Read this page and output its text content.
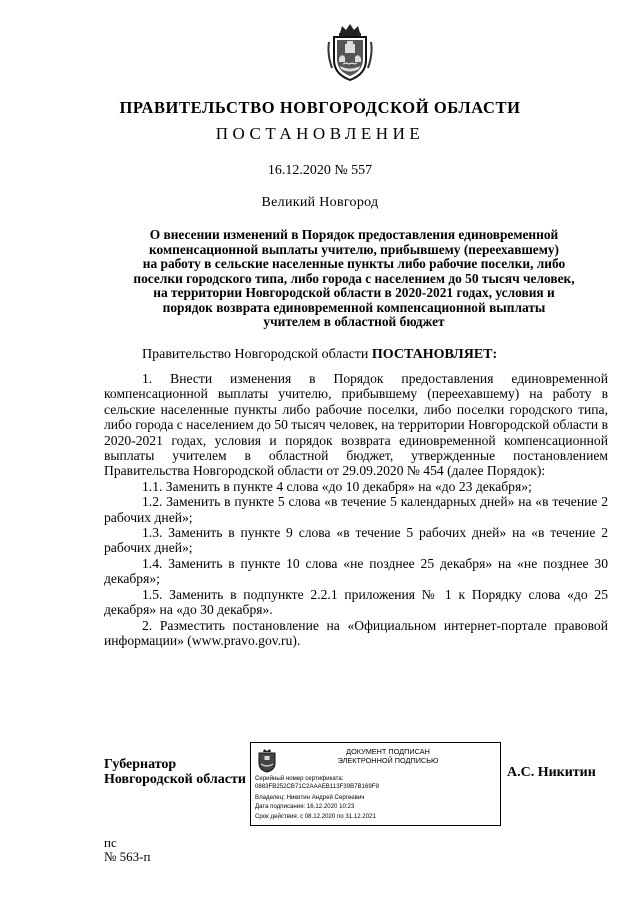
ПРАВИТЕЛЬСТВО НОВГОРОДСКОЙ ОБЛАСТИ
ПОСТАНОВЛЕНИЕ
16.12.2020 № 557
Великий Новгород
О внесении изменений в Порядок предоставления единовременной
компенсационной выплаты учителю, прибывшему (переехавшему)
на работу в сельские населенные пункты либо рабочие поселки, либо
поселки городского типа, либо города с населением до 50 тысяч человек,
на территории Новгородской области в 2020-2021 годах, условия и
порядок возврата единовременной компенсационной выплаты
учителем в областной бюджет
Правительство Новгородской области ПОСТАНОВЛЯЕТ:

1. Внести изменения в Порядок предоставления единовременной компенсационной выплаты учителю, прибывшему (переехавшему) на работу в сельские населенные пункты либо рабочие поселки, либо поселки городского типа, либо города с населением до 50 тысяч человек, на территории Новгородской области в 2020-2021 годах, условия и порядок возврата единовременной компенсационной выплаты учителем в областной бюджет, утвержденные постановлением Правительства Новгородской области от 29.09.2020 № 454 (далее Порядок):

1.1. Заменить в пункте 4 слова «до 10 декабря» на «до 23 декабря»;

1.2. Заменить в пункте 5 слова «в течение 5 календарных дней» на «в течение 2 рабочих дней»;

1.3. Заменить в пункте 9 слова «в течение 5 рабочих дней» на «в течение 2 рабочих дней»;

1.4. Заменить в пункте 10 слова «не позднее 25 декабря» на «не позднее 30 декабря»;

1.5. Заменить в подпункте 2.2.1 приложения № 1 к Порядку слова «до 25 декабря» на «до 30 декабря».

2. Разместить постановление на «Официальном интернет-портале правовой информации» (www.pravo.gov.ru).

Губернатор
Новгородской области
ДОКУМЕНТ ПОДПИСАН
ЭЛЕКТРОННОЙ ПОДПИСЬЮ
Серийный номер сертификата:
0883FB252CB71C2AAAEB113F39B7B169F9
Владелец: Никитин Андрей Сергеевич
Дата подписания: 16.12.2020 10:23
Срок действия: с 08.12.2020 по 31.12.2021
А.С. Никитин
пс
№ 563-п
